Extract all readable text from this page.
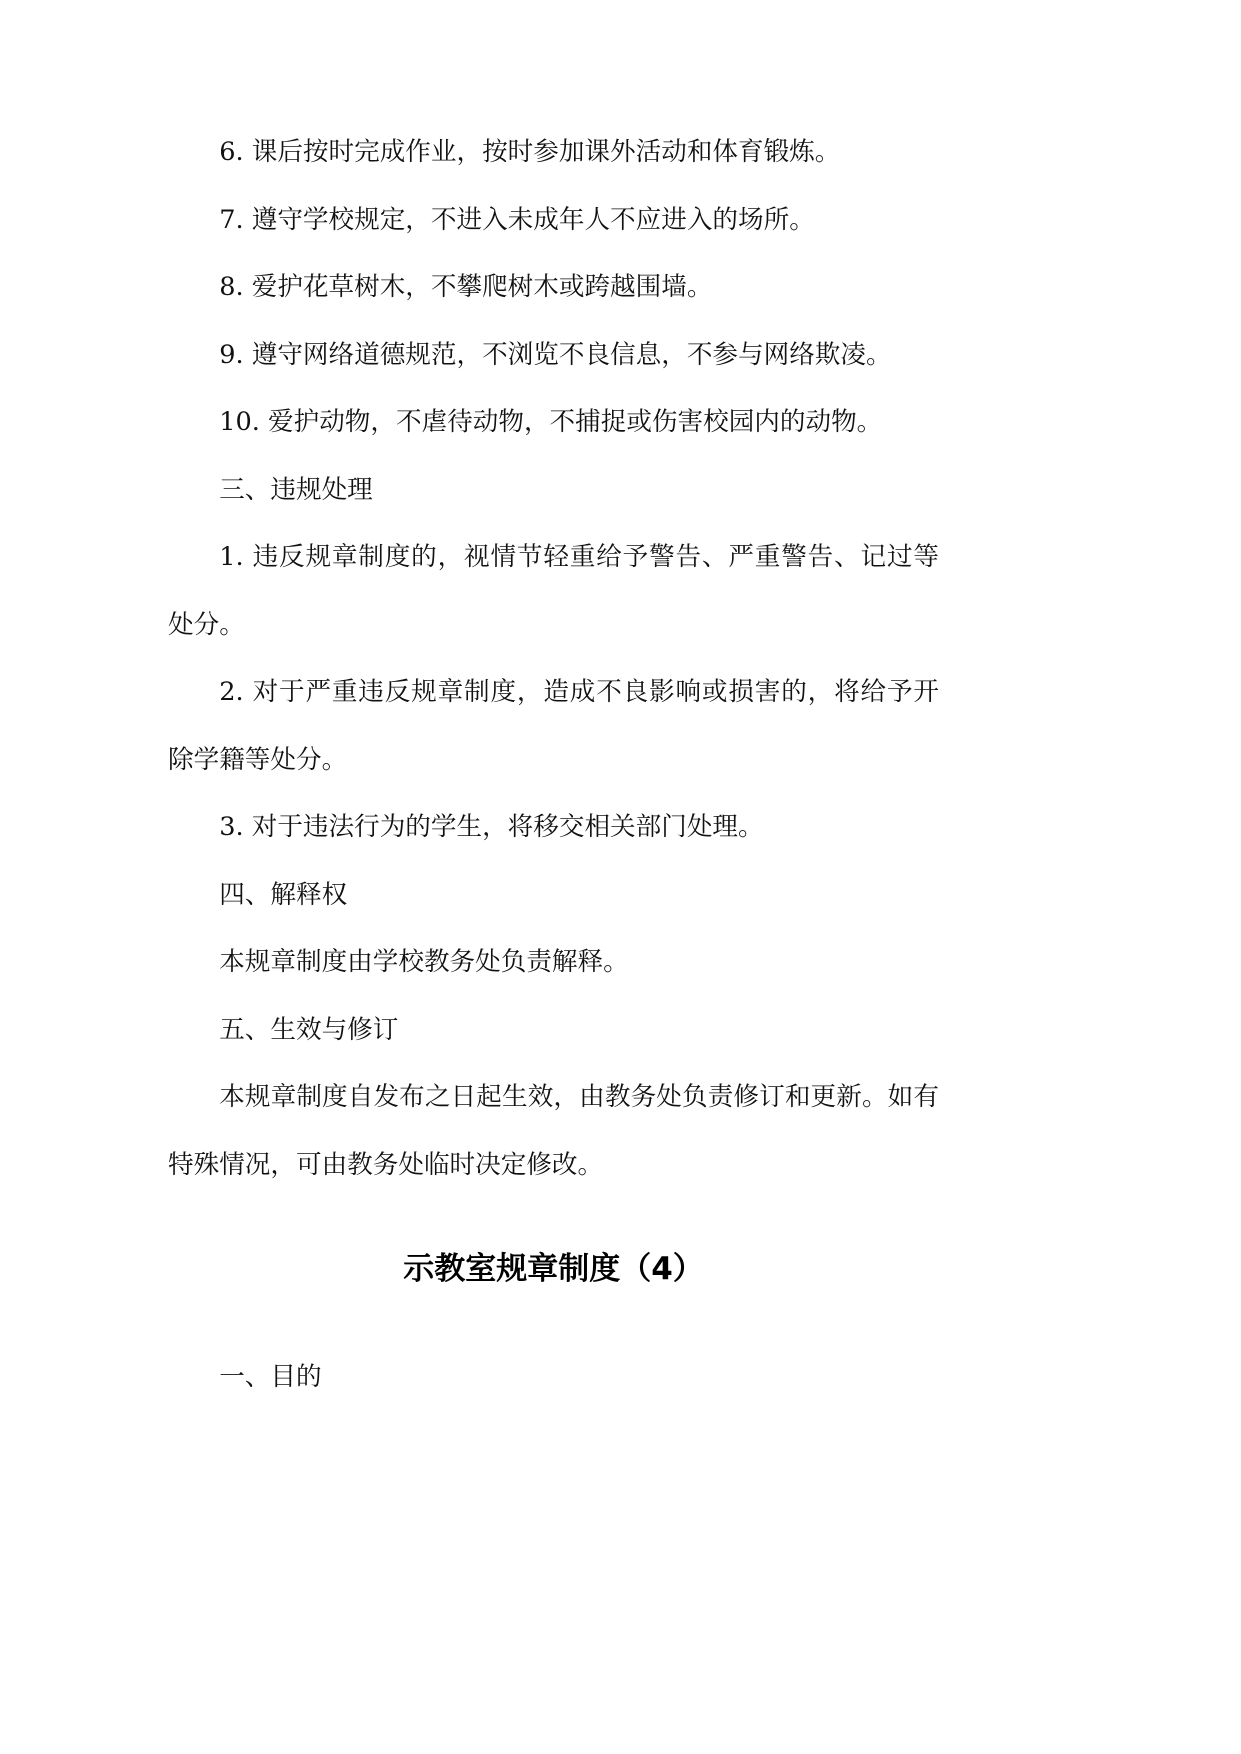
6. 课后按时完成作业，按时参加课外活动和体育锻炼。

7. 遵守学校规定，不进入未成年人不应进入的场所。

8. 爱护花草树木，不攀爬树木或跨越围墙。

9. 遵守网络道德规范，不浏览不良信息，不参与网络欺凌。

10. 爱护动物，不虐待动物，不捕捉或伤害校园内的动物。

三、违规处理

1. 违反规章制度的，视情节轻重给予警告、严重警告、记过等处分。

2. 对于严重违反规章制度，造成不良影响或损害的，将给予开除学籍等处分。

3. 对于违法行为的学生，将移交相关部门处理。

四、解释权

本规章制度由学校教务处负责解释。

五、生效与修订

本规章制度自发布之日起生效，由教务处负责修订和更新。如有特殊情况，可由教务处临时决定修改。

示教室规章制度（4）

一、目的
